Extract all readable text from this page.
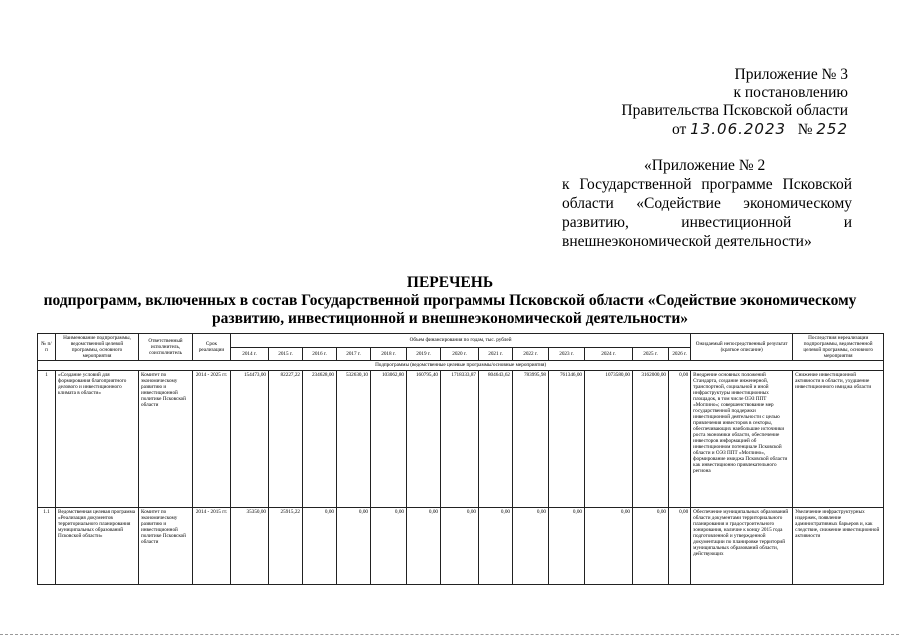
Приложение № 3
к постановлению
Правительства Псковской области
от 13.06.2023 № 252
«Приложение № 2
к Государственной программе Псковской
области «Содействие экономическому
развитию, инвестиционной и
внешнеэкономической деятельности»
ПЕРЕЧЕНЬ
подпрограмм, включенных в состав Государственной программы Псковской области «Содействие экономическому
развитию, инвестиционной и внешнеэкономической деятельности»
№ п/п	Наименование подпрограммы, ведомственной целевой программы, основного мероприятия	Ответственный исполнитель, соисполнитель	Срок реализации	Объем финансирования по годам, тыс. рублей													Ожидаемый непосредственный результат (краткое описание)	Последствия нереализации подпрограммы, ведомственной целевой программы, основного мероприятия
				2014 г.	2015 г.	2016 г.	2017 г.	2018 г.	2019 г.	2020 г.	2021 г.	2022 г.	2023 г.	2024 г.	2025 г.	2026 г.		
Подпрограммы (ведомственные целевые программы/основные мероприятия)																		
1	«Создание условий для формирования благоприятного делового и инвестиционного климата в области»	Комитет по экономическому развитию и инвестиционной политике Псковской области	2014 - 2025 гг.	154473,00	82227,22	234628,00	532630,10	103062,80	160795,40	1718333,87	804643,62	783995,98	761346,00	1073580,00	3162000,00	0,00	Внедрение основных положений Стандарта, создание инженерной, транспортной, социальной и иной инфраструктуры инвестиционных площадок, в том числе ОЭЗ ППТ «Моглино»; совершенствование мер государственной поддержки инвестиционной деятельности с целью привлечения инвесторов в секторы, обеспечивающих наибольшие источники роста экономики области, обеспечение инвесторов информацией об инвестиционном потенциале Псковской области и ОЭЗ ППТ «Моглино», формирование имиджа Псковской области как инвестиционно привлекательного региона	Снижение инвестиционной активности в области, ухудшение инвестиционного имиджа области
1.1	Ведомственная целевая программа «Реализация документов территориального планирования муниципальных образований Псковской области»	Комитет по экономическому развитию и инвестиционной политике Псковской области	2014 - 2015 гг.	35350,00	25915,22	0,00	0,00	0,00	0,00	0,00	0,00	0,00	0,00	0,00	0,00	0,00	Обеспечение муниципальных образований области документами территориального планирования и градостроительного зонирования, наличие к концу 2015 года подготовленной и утвержденной документации по планировке территорий муниципальных образований области, действующих	Увеличение инфраструктурных издержек, появление административных барьеров и, как следствие, снижение инвестиционной активности
